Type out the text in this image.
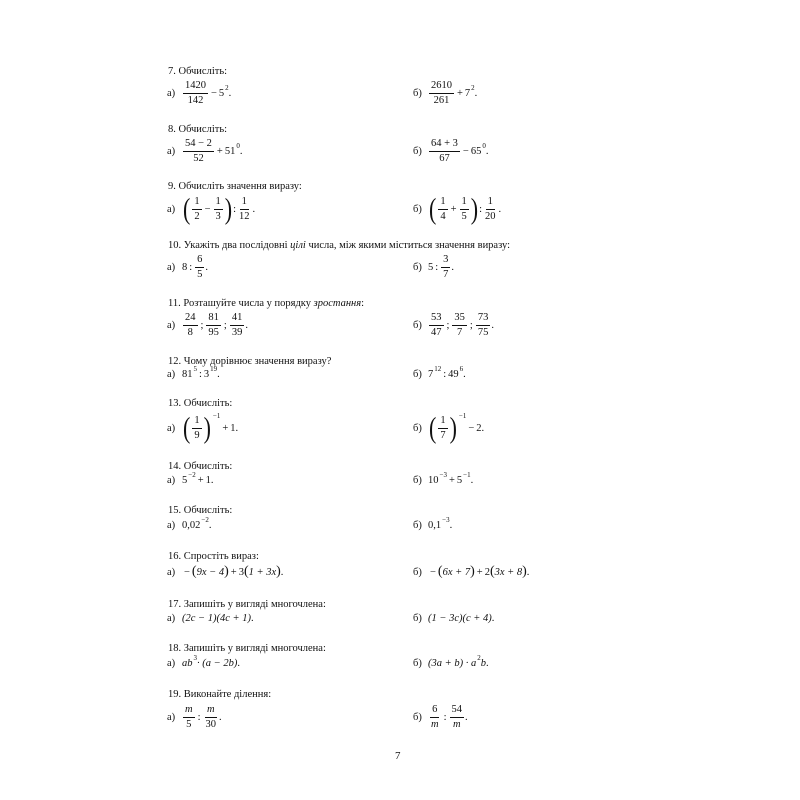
7. Обчисліть:
а)
1420
142
− 5 2 .	б)
2610
261
+ 7 2 .
8. Обчисліть:
а)
54 − 2
52
+ 51 0 .	б)
64 + 3
67
− 65 0 .
9. Обчисліть значення виразу:
а) ( 1
2
− $\frac{1}{3}$ ) :
1
12
.	б) ( 1
4
+ $\frac{1}{5}$ ) :
1
20
.
10. Укажіть два послідовні цілі числа, між якими міститься значення виразу:
а) 8 :
6
5
.	б) 5 :
3
7
.
11. Розташуйте числа у порядку зростання:
а)
24
8
;
81
95
;
41
39
.	б)
53
47
;
35
7
;
73
75
.
12. Чому дорівнює значення виразу?
а) 81 5 : 3 19 .	б) 7 12 : 49 6 .
13. Обчисліть:
а) ( 1
9 ) −1
+ 1 .	б) ( 1
7 ) −1
− 2 .
14. Обчисліть:
а) 5 −2 + 1 .	б) 10 −3 + 5 −1 .
15. Обчисліть:
а) 0,02 −2 .	б) 0,1 −3 .
16. Спростіть вираз:
а) − ( 9x − 4 ) + 3 ( 1 + 3x ) .	б) − ( 6x + 7 ) + 2 ( 3x + 8 ) .
17. Запишіть у вигляді многочлена:
а) (2c − 1)(4c + 1) .	б) (1 − 3c)(c + 4) .
18. Запишіть у вигляді многочлена:
а) ab 3 · (a − 2b) .	б) (3a + b) · a 2 b .
19. Виконайте ділення:
а)
m
5
:
m
30
.	б)
6
m
:
54
m
.
7
